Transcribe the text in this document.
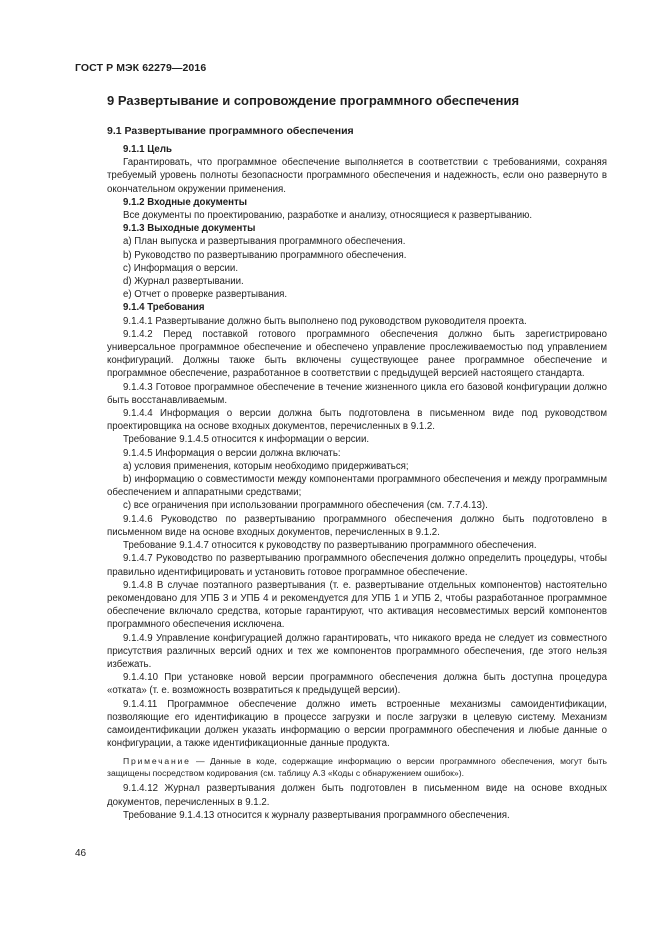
ГОСТ Р МЭК 62279—2016
9 Развертывание и сопровождение программного обеспечения
9.1 Развертывание программного обеспечения

9.1.1 Цель

Гарантировать, что программное обеспечение выполняется в соответствии с требованиями, сохраняя требуемый уровень полноты безопасности программного обеспечения и надежность, если оно развернуто в окончательном окружении применения.

9.1.2 Входные документы

Все документы по проектированию, разработке и анализу, относящиеся к развертыванию.

9.1.3 Выходные документы

a) План выпуска и развертывания программного обеспечения.

b) Руководство по развертыванию программного обеспечения.

c) Информация о версии.

d) Журнал развертывании.

e) Отчет о проверке развертывания.

9.1.4 Требования

9.1.4.1 Развертывание должно быть выполнено под руководством руководителя проекта.

9.1.4.2 Перед поставкой готового программного обеспечения должно быть зарегистрировано универсальное программное обеспечение и обеспечено управление прослеживаемостью под управлением конфигураций. Должны также быть включены существующее ранее программное обеспечение и программное обеспечение, разработанное в соответствии с предыдущей версией настоящего стандарта.

9.1.4.3 Готовое программное обеспечение в течение жизненного цикла его базовой конфигурации должно быть восстанавливаемым.

9.1.4.4 Информация о версии должна быть подготовлена в письменном виде под руководством проектировщика на основе входных документов, перечисленных в 9.1.2.

Требование 9.1.4.5 относится к информации о версии.

9.1.4.5 Информация о версии должна включать:

a) условия применения, которым необходимо придерживаться;

b) информацию о совместимости между компонентами программного обеспечения и между программным обеспечением и аппаратными средствами;

c) все ограничения при использовании программного обеспечения (см. 7.7.4.13).

9.1.4.6 Руководство по развертыванию программного обеспечения должно быть подготовлено в письменном виде на основе входных документов, перечисленных в 9.1.2.

Требование 9.1.4.7 относится к руководству по развертыванию программного обеспечения.

9.1.4.7 Руководство по развертыванию программного обеспечения должно определить процедуры, чтобы правильно идентифицировать и установить готовое программное обеспечение.

9.1.4.8 В случае поэтапного развертывания (т. е. развертывание отдельных компонентов) настоятельно рекомендовано для УПБ 3 и УПБ 4 и рекомендуется для УПБ 1 и УПБ 2, чтобы разработанное программное обеспечение включало средства, которые гарантируют, что активация несовместимых версий компонентов программного обеспечения исключена.

9.1.4.9 Управление конфигурацией должно гарантировать, что никакого вреда не следует из совместного присутствия различных версий одних и тех же компонентов программного обеспечения, где этого нельзя избежать.

9.1.4.10 При установке новой версии программного обеспечения должна быть доступна процедура «отката» (т. е. возможность возвратиться к предыдущей версии).

9.1.4.11 Программное обеспечение должно иметь встроенные механизмы самоидентификации, позволяющие его идентификацию в процессе загрузки и после загрузки в целевую систему. Механизм самоидентификации должен указать информацию о версии программного обеспечения и любые данные о конфигурации, а также идентификационные данные продукта.

Примечание — Данные в коде, содержащие информацию о версии программного обеспечения, могут быть защищены посредством кодирования (см. таблицу А.3 «Коды с обнаружением ошибок»).

9.1.4.12 Журнал развертывания должен быть подготовлен в письменном виде на основе входных документов, перечисленных в 9.1.2.

Требование 9.1.4.13 относится к журналу развертывания программного обеспечения.

46
